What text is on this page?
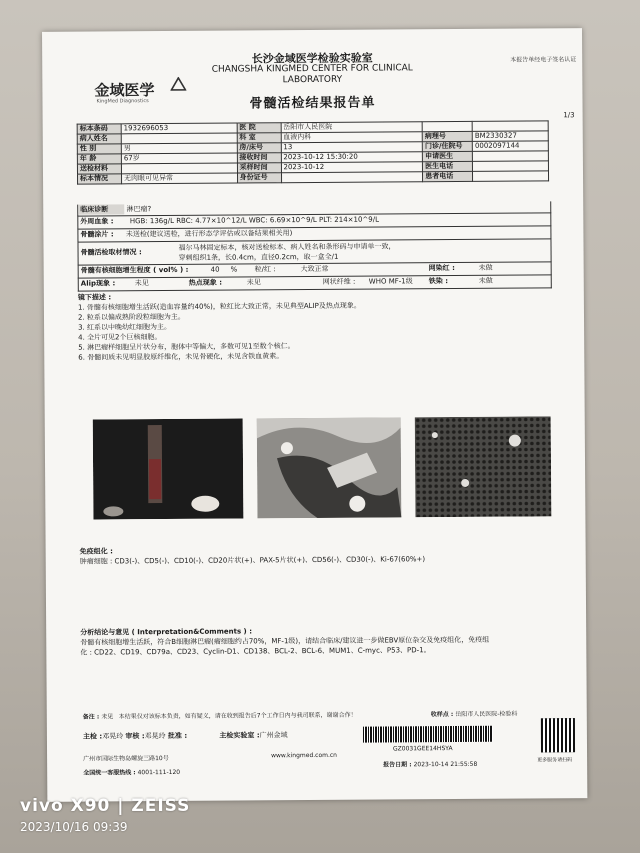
金域医学
KingMed Diagnostics
长沙金域医学检验实验室
CHANGSHA KINGMED CENTER FOR CLINICAL
LABORATORY
本报告单经电子签名认证
骨髓活检结果报告单
1/3
标本条码	1932696053	医 院	岳阳市人民医院		
病人姓名		科 室	血液内科	病理号	BM2330327
性 别	男	房/床号	13	门诊/住院号	0002097144
年 龄	67岁	接收时间	2023-10-12 15:30:20	申请医生	
送检材料		采样时间	2023-10-12	医生电话	
标本情况	无肉眼可见异常	身份证号		患者电话	
临床诊断	淋巴瘤?
外周血象 : HGB: 136g/L RBC: 4.77×10^12/L WBC: 6.69×10^9/L PLT: 214×10^9/L
骨髓涂片 : 未送检(建议送检，进行形态学评估或以备结果相关用)
骨髓活检取材情况 :
福尔马林固定标本，核对送检标本、病人姓名和条形码与申请单一致，
穿刺组织1条，长0.4cm，直径0.2cm，取一盒全/1
骨髓有核细胞增生程度 ( vol% ) :	40 % 粒/红 :	大致正常	网染红 :	未做
Alip现象 :	未见	热点现象 :	未见	网状纤维 : WHO MF-1级 铁染 :	未做
镜下描述 :
1. 骨髓有核细胞增生活跃(造血容量约40%)，粒红比大致正常，未见典型ALIP及热点现象。
2. 粒系以偏成熟阶段粒细胞为主。
3. 红系以中晚幼红细胞为主。
4. 全片可见2个巨核细胞。
5. 淋巴瘤样细胞呈片状分布，胞体中等偏大，多数可见1至数个核仁。
6. 骨髓间质未见明显胶原纤维化，未见骨硬化，未见含铁血黄素。
免疫组化 :
肿瘤细胞 : CD3(-)、CD5(-)、CD10(-)、CD20片状(+)、PAX-5片状(+)、CD56(-)、CD30(-)、Ki-67(60%+)
分析结论与意见 ( Interpretation&Comments ) :
骨髓有核细胞增生活跃，符合B细胞淋巴瘤(瘤细胞约占70%，MF-1级)，请结合临床/建议进一步做EBV原位杂交及免疫组化，免疫组
化 : CD22、CD19、CD79a、CD23、Cyclin-D1、CD138、BCL-2、BCL-6、MUM1、C-myc、P53、PD-1。
备注 : 未见 本结果仅对该标本负责，如有疑义，请在收到报告后7个工作日内与我司联系，谢谢合作！	收样点 : 岳阳市人民医院-检验科
主检 :邓晃玲 审核 :邓晃玲 批准 :	主检实验室 :广州金域
GZ0031GEE14HSYA
广州市国际生物岛螺旋三路10号	www.kingmed.com.cn
全国统一客服热线 : 4001-111-120
报告日期 : 2023-10-14 21:55:58
更多服务请扫码
vivo X90 | ZEISS
2023/10/16 09:39
